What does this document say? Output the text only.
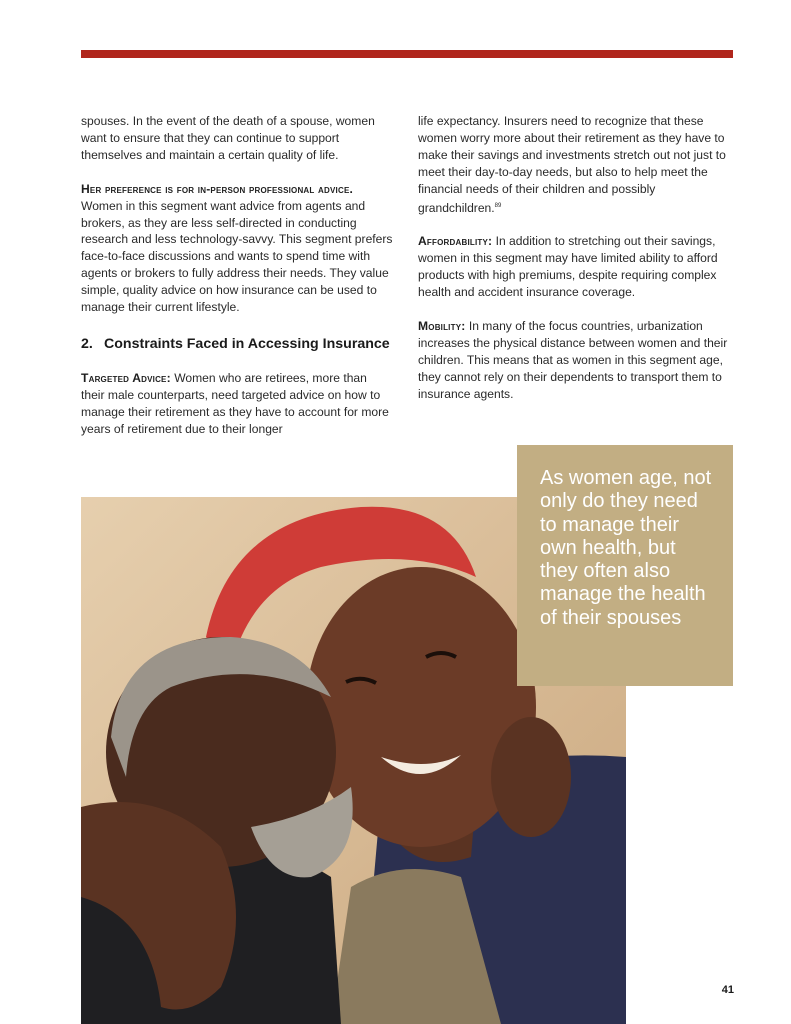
spouses. In the event of the death of a spouse, women want to ensure that they can continue to support themselves and maintain a certain quality of life.

Her preference is for in-person professional advice. Women in this segment want advice from agents and brokers, as they are less self-directed in conducting research and less technology-savvy. This segment prefers face-to-face discussions and wants to spend time with agents or brokers to fully address their needs. They value simple, quality advice on how insurance can be used to manage their current lifestyle.

2. Constraints Faced in Accessing Insurance

Targeted Advice: Women who are retirees, more than their male counterparts, need targeted advice on how to manage their retirement as they have to account for more years of retirement due to their longer

life expectancy. Insurers need to recognize that these women worry more about their retirement as they have to make their savings and investments stretch out not just to meet their day-to-day needs, but also to help meet the financial needs of their children and possibly grandchildren.$^{89}$

Affordability: In addition to stretching out their savings, women in this segment may have limited ability to afford products with high premiums, despite requiring complex health and accident insurance coverage.

Mobility: In many of the focus countries, urbanization increases the physical distance between women and their children. This means that as women in this segment age, they cannot rely on their dependents to transport them to insurance agents.

As women age, not only do they need to manage their own health, but they often also manage the health of their spouses
41
